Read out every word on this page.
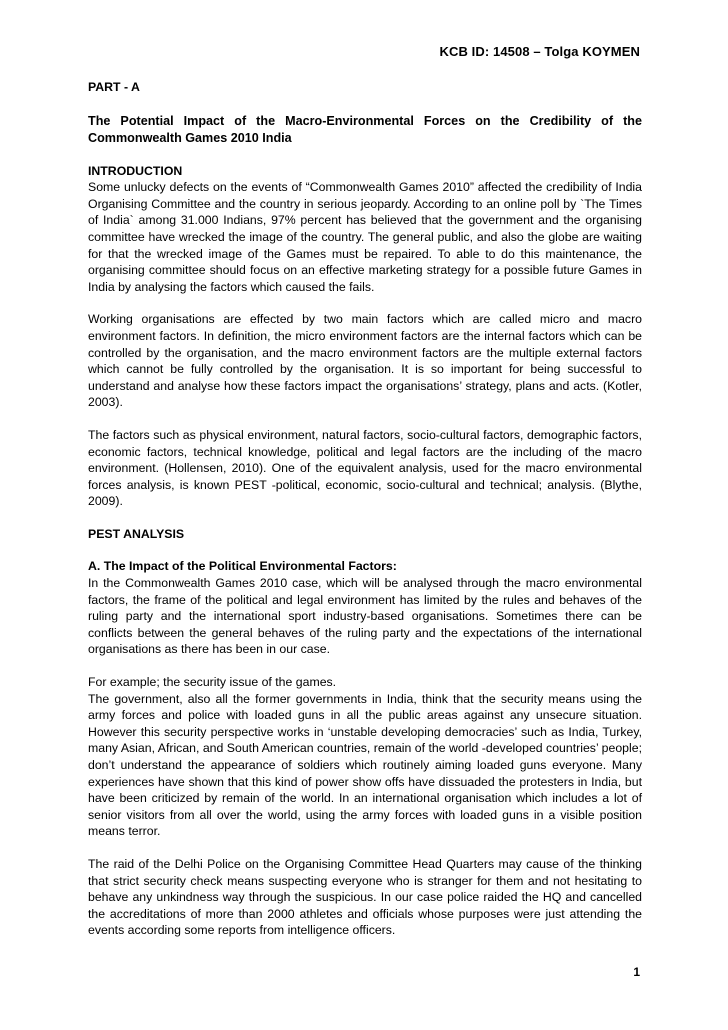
KCB ID: 14508 – Tolga KOYMEN

PART - A

The Potential Impact of the Macro-Environmental Forces on the Credibility of the Commonwealth Games 2010 India

INTRODUCTION

Some unlucky defects on the events of “Commonwealth Games 2010” affected the credibility of India Organising Committee and the country in serious jeopardy. According to an online poll by `The Times of India` among 31.000 Indians, 97% percent has believed that the government and the organising committee have wrecked the image of the country. The general public, and also the globe are waiting for that the wrecked image of the Games must be repaired. To able to do this maintenance, the organising committee should focus on an effective marketing strategy for a possible future Games in India by analysing the factors which caused the fails.

Working organisations are effected by two main factors which are called micro and macro environment factors. In definition, the micro environment factors are the internal factors which can be controlled by the organisation, and the macro environment factors are the multiple external factors which cannot be fully controlled by the organisation. It is so important for being successful to understand and analyse how these factors impact the organisations’ strategy, plans and acts. (Kotler, 2003).

The factors such as physical environment, natural factors, socio-cultural factors, demographic factors, economic factors, technical knowledge, political and legal factors are the including of the macro environment. (Hollensen, 2010). One of the equivalent analysis, used for the macro environmental forces analysis, is known PEST -political, economic, socio-cultural and technical; analysis. (Blythe, 2009).

PEST ANALYSIS

A. The Impact of the Political Environmental Factors:

In the Commonwealth Games 2010 case, which will be analysed through the macro environmental factors, the frame of the political and legal environment has limited by the rules and behaves of the ruling party and the international sport industry-based organisations. Sometimes there can be conflicts between the general behaves of the ruling party and the expectations of the international organisations as there has been in our case.

For example; the security issue of the games.

The government, also all the former governments in India, think that the security means using the army forces and police with loaded guns in all the public areas against any unsecure situation. However this security perspective works in ‘unstable developing democracies’ such as India, Turkey, many Asian, African, and South American countries, remain of the world -developed countries’ people; don’t understand the appearance of soldiers which routinely aiming loaded guns everyone. Many experiences have shown that this kind of power show offs have dissuaded the protesters in India, but have been criticized by remain of the world. In an international organisation which includes a lot of senior visitors from all over the world, using the army forces with loaded guns in a visible position means terror.

The raid of the Delhi Police on the Organising Committee Head Quarters may cause of the thinking that strict security check means suspecting everyone who is stranger for them and not hesitating to behave any unkindness way through the suspicious. In our case police raided the HQ and cancelled the accreditations of more than 2000 athletes and officials whose purposes were just attending the events according some reports from intelligence officers.

1
